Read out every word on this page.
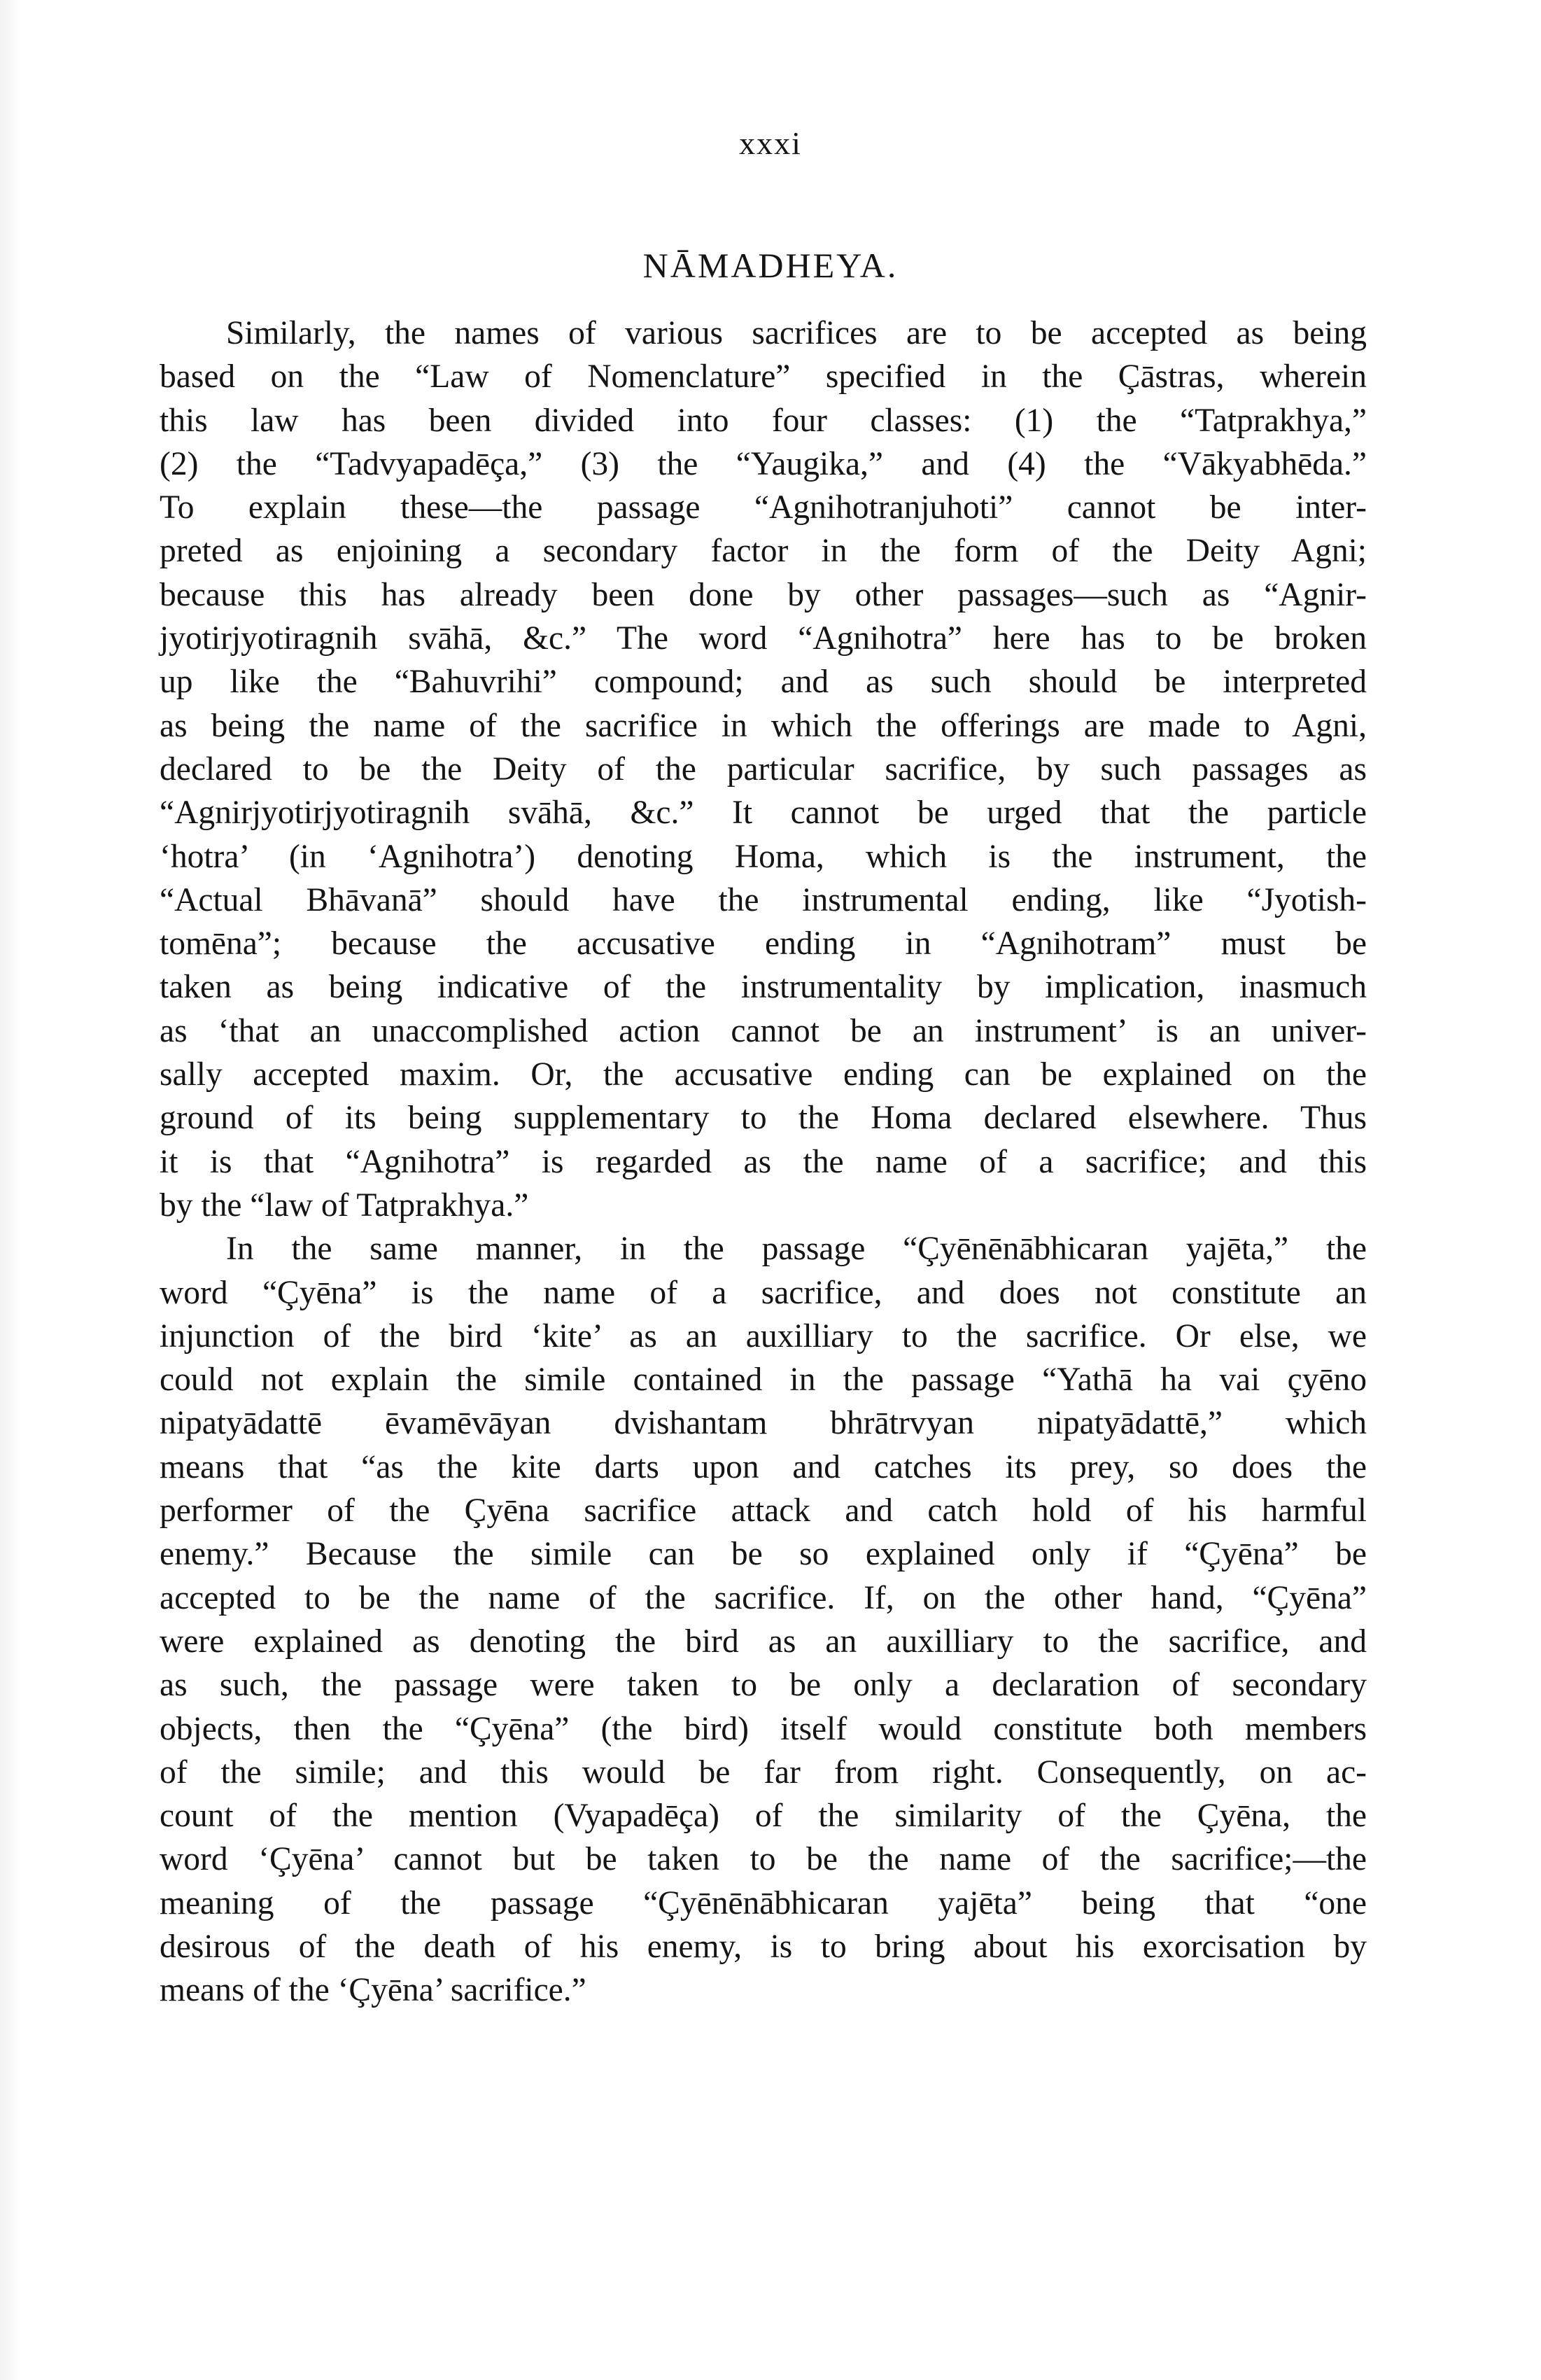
xxxi
NĀMADHEYA.
Similarly, the names of various sacrifices are to be accepted as being
based on the “Law of Nomenclature” specified in the Çāstras, wherein
this law has been divided into four classes: (1) the “Tatprakhya,”
(2) the “Tadvyapadēça,” (3) the “Yaugika,” and (4) the “Vākyabhēda.”
To explain these—the passage “Agnihotranjuhoti” cannot be inter-
preted as enjoining a secondary factor in the form of the Deity Agni;
because this has already been done by other passages—such as “Agnir-
jyotirjyotiragnih svāhā, &c.” The word “Agnihotra” here has to be broken
up like the “Bahuvrihi” compound; and as such should be interpreted
as being the name of the sacrifice in which the offerings are made to Agni,
declared to be the Deity of the particular sacrifice, by such passages as
“Agnirjyotirjyotiragnih svāhā, &c.” It cannot be urged that the particle
‘hotra’ (in ‘Agnihotra’) denoting Homa, which is the instrument, the
“Actual Bhāvanā” should have the instrumental ending, like “Jyotish-
tomēna”; because the accusative ending in “Agnihotram” must be
taken as being indicative of the instrumentality by implication, inasmuch
as ‘that an unaccomplished action cannot be an instrument’ is an univer-
sally accepted maxim. Or, the accusative ending can be explained on the
ground of its being supplementary to the Homa declared elsewhere. Thus
it is that “Agnihotra” is regarded as the name of a sacrifice; and this
by the “law of Tatprakhya.”
In the same manner, in the passage “Çyēnēnābhicaran yajēta,” the
word “Çyēna” is the name of a sacrifice, and does not constitute an
injunction of the bird ‘kite’ as an auxilliary to the sacrifice. Or else, we
could not explain the simile contained in the passage “Yathā ha vai çyēno
nipatyādattē ēvamēvāyan dvishantam bhrātrvyan nipatyādattē,” which
means that “as the kite darts upon and catches its prey, so does the
performer of the Çyēna sacrifice attack and catch hold of his harmful
enemy.” Because the simile can be so explained only if “Çyēna” be
accepted to be the name of the sacrifice. If, on the other hand, “Çyēna”
were explained as denoting the bird as an auxilliary to the sacrifice, and
as such, the passage were taken to be only a declaration of secondary
objects, then the “Çyēna” (the bird) itself would constitute both members
of the simile; and this would be far from right. Consequently, on ac-
count of the mention (Vyapadēça) of the similarity of the Çyēna, the
word ‘Çyēna’ cannot but be taken to be the name of the sacrifice;—the
meaning of the passage “Çyēnēnābhicaran yajēta” being that “one
desirous of the death of his enemy, is to bring about his exorcisation by
means of the ‘Çyēna’ sacrifice.”
